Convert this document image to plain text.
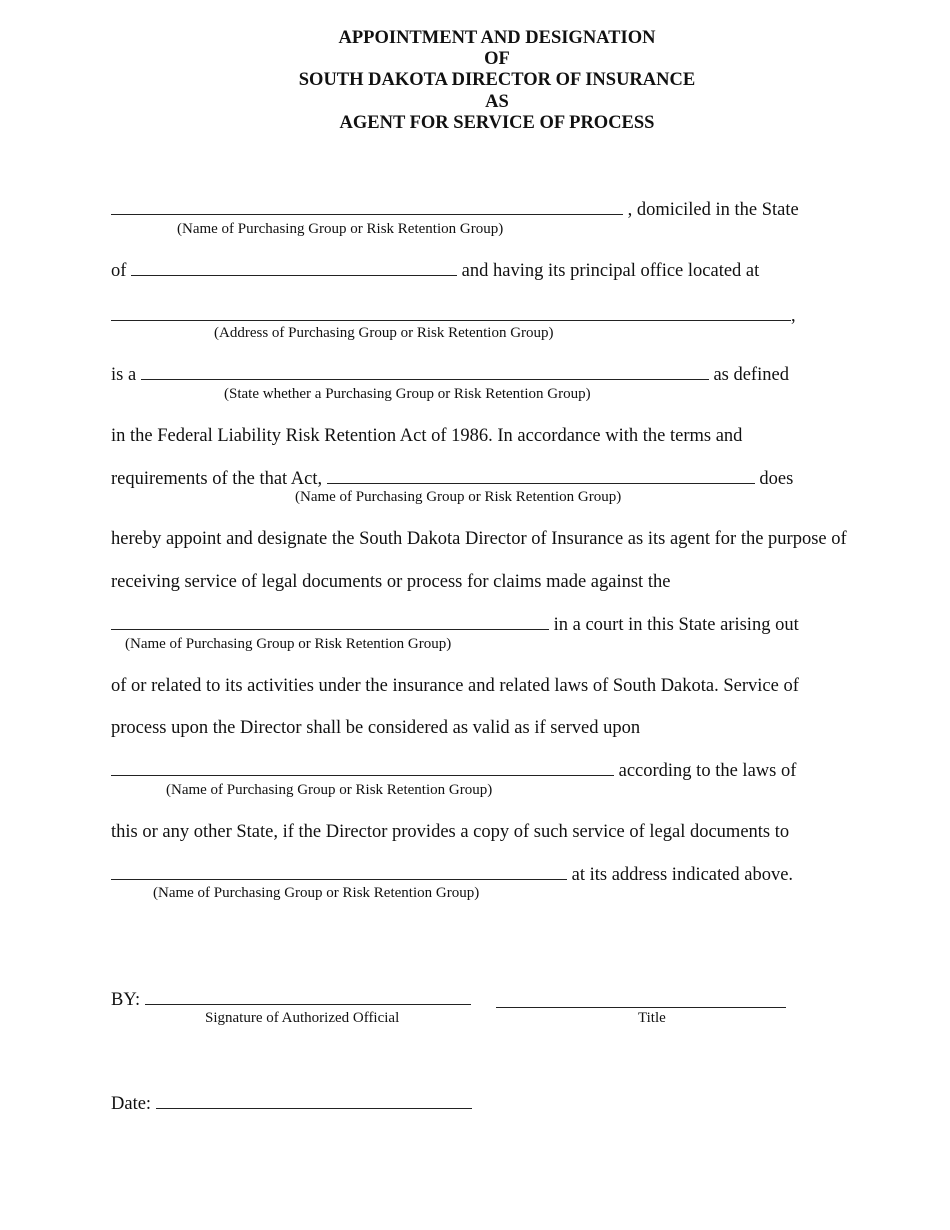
APPOINTMENT AND DESIGNATION
OF
SOUTH DAKOTA DIRECTOR OF INSURANCE
AS
AGENT FOR SERVICE OF PROCESS
, domiciled in the State
(Name of Purchasing Group or Risk Retention Group)
of	and having its principal office located at
,
(Address of Purchasing Group or Risk Retention Group)
is a	as defined
(State whether a Purchasing Group or Risk Retention Group)
in the Federal Liability Risk Retention Act of 1986. In accordance with the terms and
requirements of the that Act,	does
(Name of Purchasing Group or Risk Retention Group)
hereby appoint and designate the South Dakota Director of Insurance as its agent for the purpose of
receiving service of legal documents or process for claims made against the
in a court in this State arising out
(Name of Purchasing Group or Risk Retention Group)
of or related to its activities under the insurance and related laws of South Dakota. Service of
process upon the Director shall be considered as valid as if served upon
according to the laws of
(Name of Purchasing Group or Risk Retention Group)
this or any other State, if the Director provides a copy of such service of legal documents to
at its address indicated above.
(Name of Purchasing Group or Risk Retention Group)
BY:
Signature of Authorized Official	Title
Date:
